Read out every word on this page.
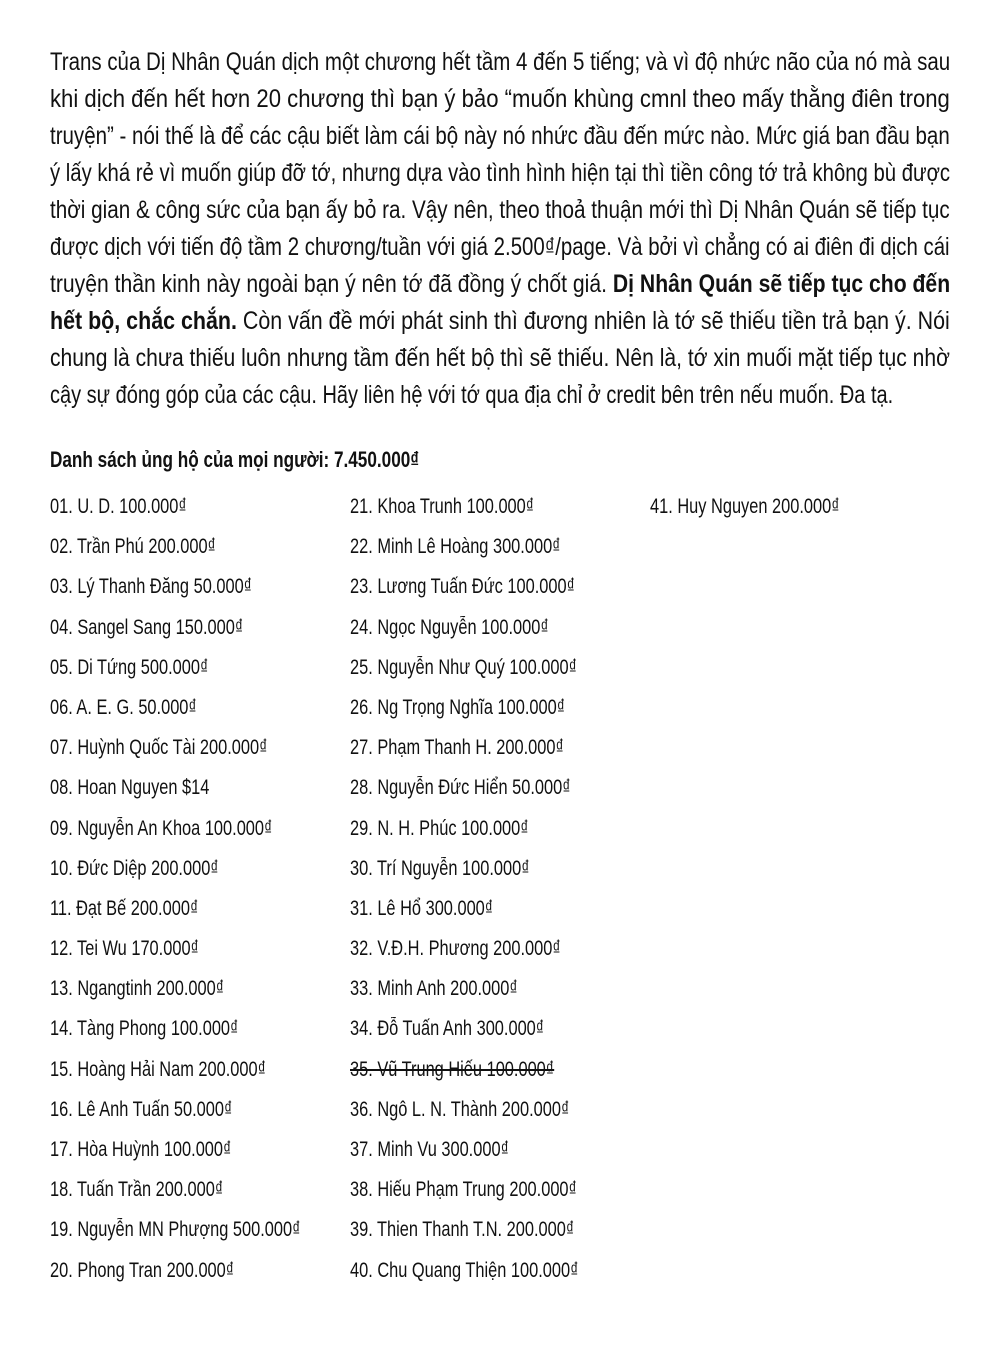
Trans của Dị Nhân Quán dịch một chương hết tầm 4 đến 5 tiếng; và vì độ nhức não của nó mà sau
khi dịch đến hết hơn 20 chương thì bạn ý bảo “muốn khùng cmnl theo mấy thằng điên trong
truyện” - nói thế là để các cậu biết làm cái bộ này nó nhức đầu đến mức nào. Mức giá ban đầu bạn
ý lấy khá rẻ vì muốn giúp đỡ tớ, nhưng dựa vào tình hình hiện tại thì tiền công tớ trả không bù được
thời gian & công sức của bạn ấy bỏ ra. Vậy nên, theo thoả thuận mới thì Dị Nhân Quán sẽ tiếp tục
được dịch với tiến độ tầm 2 chương/tuần với giá 2.500₫/page. Và bởi vì chẳng có ai điên đi dịch cái
truyện thần kinh này ngoài bạn ý nên tớ đã đồng ý chốt giá. Dị Nhân Quán sẽ tiếp tục cho đến
hết bộ, chắc chắn. Còn vấn đề mới phát sinh thì đương nhiên là tớ sẽ thiếu tiền trả bạn ý. Nói
chung là chưa thiếu luôn nhưng tầm đến hết bộ thì sẽ thiếu. Nên là, tớ xin muối mặt tiếp tục nhờ
cậy sự đóng góp của các cậu. Hãy liên hệ với tớ qua địa chỉ ở credit bên trên nếu muốn. Đa tạ.
Danh sách ủng hộ của mọi người: 7.450.000₫
01. U. D. 100.000₫
02. Trần Phú 200.000₫
03. Lý Thanh Đăng 50.000₫
04. Sangel Sang 150.000₫
05. Di Tứng 500.000₫
06. A. E. G. 50.000₫
07. Huỳnh Quốc Tài 200.000₫
08. Hoan Nguyen $14
09. Nguyễn An Khoa 100.000₫
10. Đức Diệp 200.000₫
11. Đạt Bế 200.000₫
12. Tei Wu 170.000₫
13. Ngangtinh 200.000₫
14. Tàng Phong 100.000₫
15. Hoàng Hải Nam 200.000₫
16. Lê Anh Tuấn 50.000₫
17. Hòa Huỳnh 100.000₫
18. Tuấn Trần 200.000₫
19. Nguyễn MN Phượng 500.000₫
20. Phong Tran 200.000₫
21. Khoa Trunh 100.000₫
22. Minh Lê Hoàng 300.000₫
23. Lương Tuấn Đức 100.000₫
24. Ngọc Nguyễn 100.000₫
25. Nguyễn Như Quý 100.000₫
26. Ng Trọng Nghĩa 100.000₫
27. Phạm Thanh H. 200.000₫
28. Nguyễn Đức Hiển 50.000₫
29. N. H. Phúc 100.000₫
30. Trí Nguyễn 100.000₫
31. Lê Hổ 300.000₫
32. V.Đ.H. Phương 200.000₫
33. Minh Anh 200.000₫
34. Đỗ Tuấn Anh 300.000₫
35. Vũ Trung Hiếu 100.000₫
36. Ngô L. N. Thành 200.000₫
37. Minh Vu 300.000₫
38. Hiếu Phạm Trung 200.000₫
39. Thien Thanh T.N. 200.000₫
40. Chu Quang Thiện 100.000₫
41. Huy Nguyen 200.000₫
